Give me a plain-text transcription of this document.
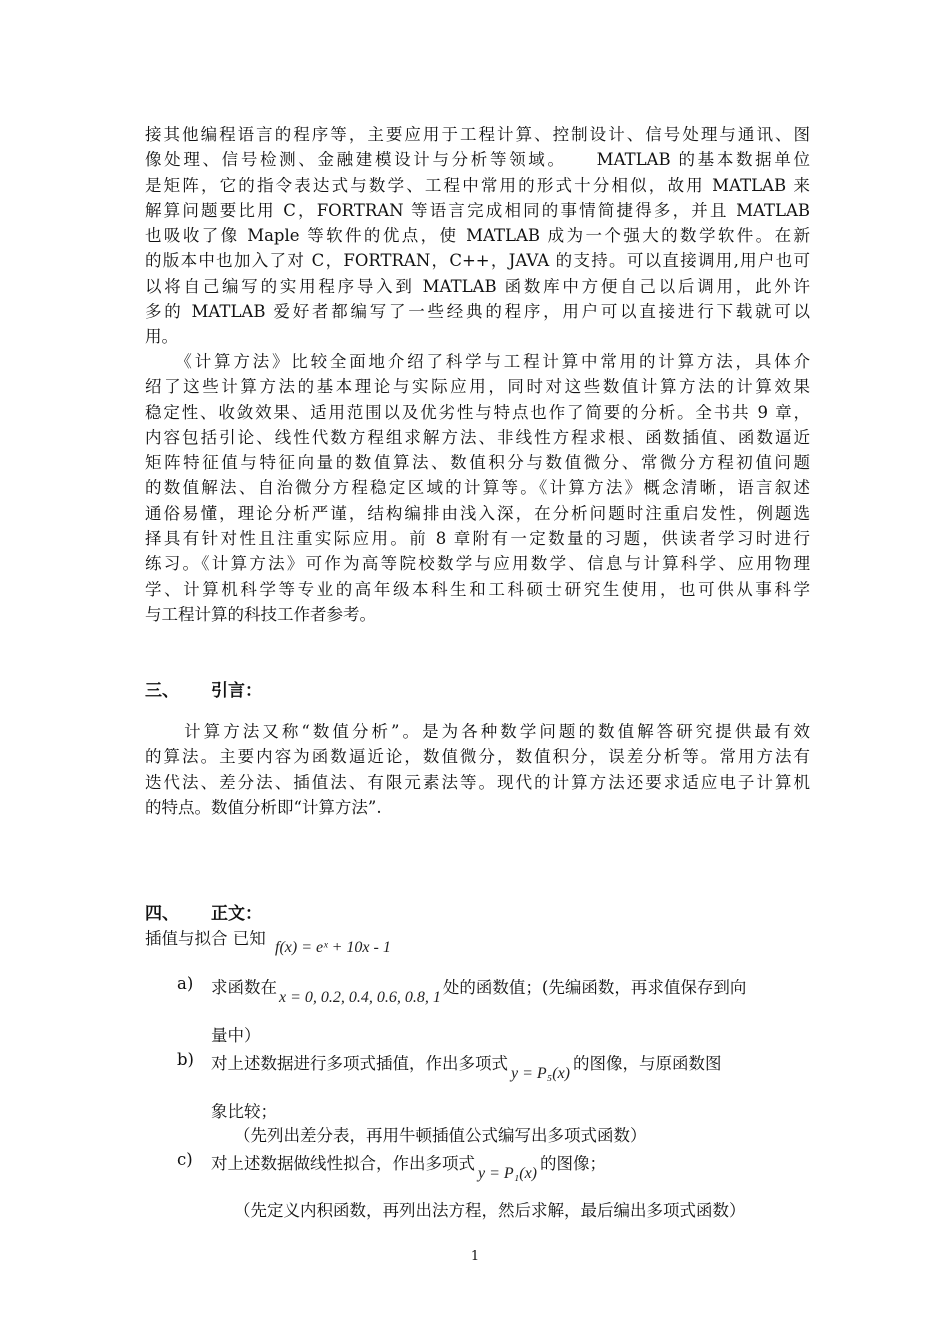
接其他编程语言的程序等，主要应用于工程计算、控制设计、信号处理与通讯、图
像处理、信号检测、金融建模设计与分析等领域。　　MATLAB 的基本数据单位
是矩阵，它的指令表达式与数学、工程中常用的形式十分相似，故用 MATLAB 来
解算问题要比用 C，FORTRAN 等语言完成相同的事情简捷得多，并且 MATLAB
也吸收了像 Maple 等软件的优点，使 MATLAB 成为一个强大的数学软件。在新
的版本中也加入了对 C，FORTRAN，C++，JAVA 的支持。可以直接调用,用户也可
以将自己编写的实用程序导入到 MATLAB 函数库中方便自己以后调用，此外许
多的 MATLAB 爱好者都编写了一些经典的程序，用户可以直接进行下载就可以
用。
　　《计算方法》比较全面地介绍了科学与工程计算中常用的计算方法，具体介
绍了这些计算方法的基本理论与实际应用，同时对这些数值计算方法的计算效果
稳定性、收敛效果、适用范围以及优劣性与特点也作了简要的分析。全书共 9 章，
内容包括引论、线性代数方程组求解方法、非线性方程求根、函数插值、函数逼近
矩阵特征值与特征向量的数值算法、数值积分与数值微分、常微分方程初值问题
的数值解法、自治微分方程稳定区域的计算等。《计算方法》概念清晰，语言叙述
通俗易懂，理论分析严谨，结构编排由浅入深，在分析问题时注重启发性，例题选
择具有针对性且注重实际应用。前 8 章附有一定数量的习题，供读者学习时进行
练习。《计算方法》可作为高等院校数学与应用数学、信息与计算科学、应用物理
学、计算机科学等专业的高年级本科生和工科硕士研究生使用，也可供从事科学
与工程计算的科技工作者参考。
三、 引言：
　　计算方法又称“数值分析”。是为各种数学问题的数值解答研究提供最有效
的算法。主要内容为函数逼近论，数值微分，数值积分，误差分析等。常用方法有
迭代法、差分法、插值法、有限元素法等。现代的计算方法还要求适应电子计算机
的特点。数值分析即“计算方法”.
四、 正文：
插值与拟合 已知 f(x) = eˣ + 10x - 1
a) 求函数在x = 0, 0.2, 0.4, 0.6, 0.8, 1处的函数值；(先编函数，再求值保存到向
量中）
b) 对上述数据进行多项式插值，作出多项式y = P₅(x)的图像，与原函数图
象比较；
（先列出差分表，再用牛顿插值公式编写出多项式函数）
c) 对上述数据做线性拟合，作出多项式y = P₁(x)的图像；
（先定义内积函数，再列出法方程，然后求解，最后编出多项式函数）
1
